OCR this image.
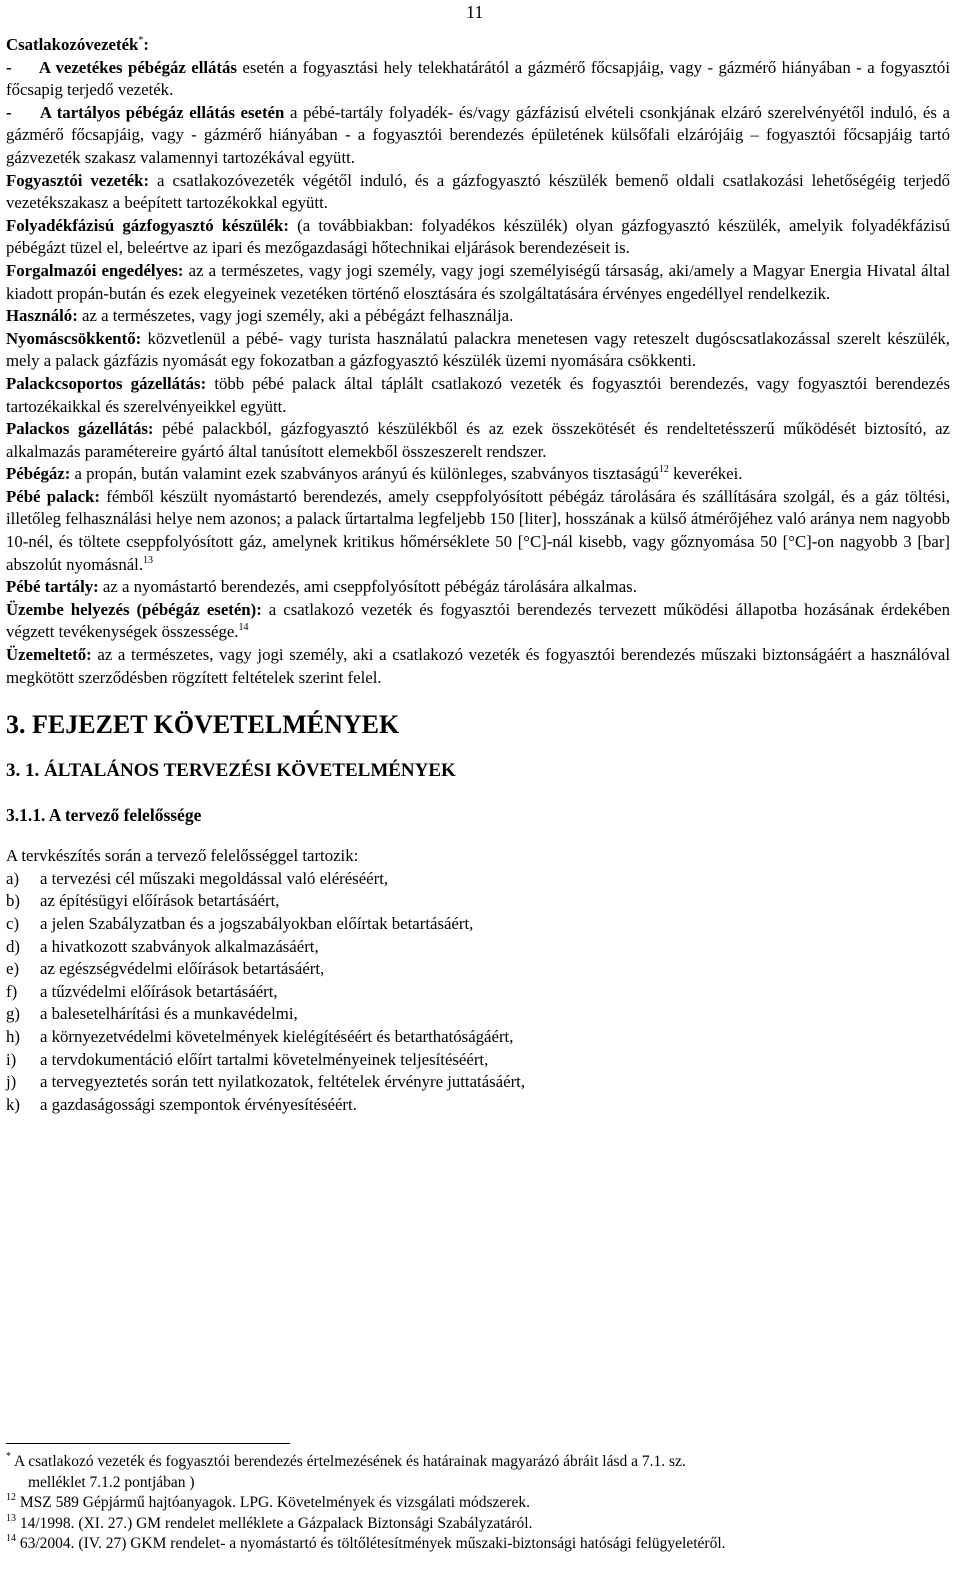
11

Csatlakozóvezeték*:

- A vezetékes pébégáz ellátás esetén a fogyasztási hely telekhatárától a gázmérő főcsapjáig, vagy - gázmérő hiányában - a fogyasztói főcsapig terjedő vezeték.

- A tartályos pébégáz ellátás esetén a pébé-tartály folyadék- és/vagy gázfázisú elvételi csonkjának elzáró szerelvényétől induló, és a gázmérő főcsapjáig, vagy - gázmérő hiányában - a fogyasztói berendezés épületének külsőfali elzárójáig – fogyasztói főcsapjáig tartó gázvezeték szakasz valamennyi tartozékával együtt.

Fogyasztói vezeték: a csatlakozóvezeték végétől induló, és a gázfogyasztó készülék bemenő oldali csatlakozási lehetőségéig terjedő vezetékszakasz a beépített tartozékokkal együtt.

Folyadékfázisú gázfogyasztó készülék: (a továbbiakban: folyadékos készülék) olyan gázfogyasztó készülék, amelyik folyadékfázisú pébégázt tüzel el, beleértve az ipari és mezőgazdasági hőtechnikai eljárások berendezéseit is.

Forgalmazói engedélyes: az a természetes, vagy jogi személy, vagy jogi személyiségű társaság, aki/amely a Magyar Energia Hivatal által kiadott propán-bután és ezek elegyeinek vezetéken történő elosztására és szolgáltatására érvényes engedéllyel rendelkezik.

Használó: az a természetes, vagy jogi személy, aki a pébégázt felhasználja.

Nyomáscsökkentő: közvetlenül a pébé- vagy turista használatú palackra menetesen vagy reteszelt dugóscsatlakozással szerelt készülék, mely a palack gázfázis nyomását egy fokozatban a gázfogyasztó készülék üzemi nyomására csökkenti.

Palackcsoportos gázellátás: több pébé palack által táplált csatlakozó vezeték és fogyasztói berendezés, vagy fogyasztói berendezés tartozékaikkal és szerelvényeikkel együtt.

Palackos gázellátás: pébé palackból, gázfogyasztó készülékből és az ezek összekötését és rendeltetésszerű működését biztosító, az alkalmazás paramétereire gyártó által tanúsított elemekből összeszerelt rendszer.

Pébégáz: a propán, bután valamint ezek szabványos arányú és különleges, szabványos tisztaságú$^{12}$ keverékei.

Pébé palack: fémből készült nyomástartó berendezés, amely cseppfolyósított pébégáz tárolására és szállítására szolgál, és a gáz töltési, illetőleg felhasználási helye nem azonos; a palack űrtartalma legfeljebb 150 [liter], hosszának a külső átmérőjéhez való aránya nem nagyobb 10-nél, és töltete cseppfolyósított gáz, amelynek kritikus hőmérséklete 50 [°C]-nál kisebb, vagy gőznyomása 50 [°C]-on nagyobb 3 [bar] abszolút nyomásnál.$^{13}$

Pébé tartály: az a nyomástartó berendezés, ami cseppfolyósított pébégáz tárolására alkalmas.

Üzembe helyezés (pébégáz esetén): a csatlakozó vezeték és fogyasztói berendezés tervezett működési állapotba hozásának érdekében végzett tevékenységek összessége.$^{14}$

Üzemeltető: az a természetes, vagy jogi személy, aki a csatlakozó vezeték és fogyasztói berendezés műszaki biztonságáért a használóval megkötött szerződésben rögzített feltételek szerint felel.

3. FEJEZET KÖVETELMÉNYEK
3. 1. ÁLTALÁNOS TERVEZÉSI KÖVETELMÉNYEK
3.1.1. A tervező felelőssége

A tervkészítés során a tervező felelősséggel tartozik:

a)	a tervezési cél műszaki megoldással való eléréséért,
b)	az építésügyi előírások betartásáért,
c)	a jelen Szabályzatban és a jogszabályokban előírtak betartásáért,
d)	a hivatkozott szabványok alkalmazásáért,
e)	az egészségvédelmi előírások betartásáért,
f)	a tűzvédelmi előírások betartásáért,
g)	a balesetelhárítási és a munkavédelmi,
h)	a környezetvédelmi követelmények kielégítéséért és betarthatóságáért,
i)	a tervdokumentáció előírt tartalmi követelményeinek teljesítéséért,
j)	a tervegyeztetés során tett nyilatkozatok, feltételek érvényre juttatásáért,
k)	a gazdaságossági szempontok érvényesítéséért.

* A csatlakozó vezeték és fogyasztói berendezés értelmezésének és határainak magyarázó ábráit lásd a 7.1. sz.

melléklet 7.1.2 pontjában )

$^{12}$ MSZ 589 Gépjármű hajtóanyagok. LPG. Követelmények és vizsgálati módszerek.

$^{13}$ 14/1998. (XI. 27.) GM rendelet melléklete a Gázpalack Biztonsági Szabályzatáról.

$^{14}$ 63/2004. (IV. 27) GKM rendelet- a nyomástartó és töltőlétesítmények műszaki-biztonsági hatósági felügyeletéről.
